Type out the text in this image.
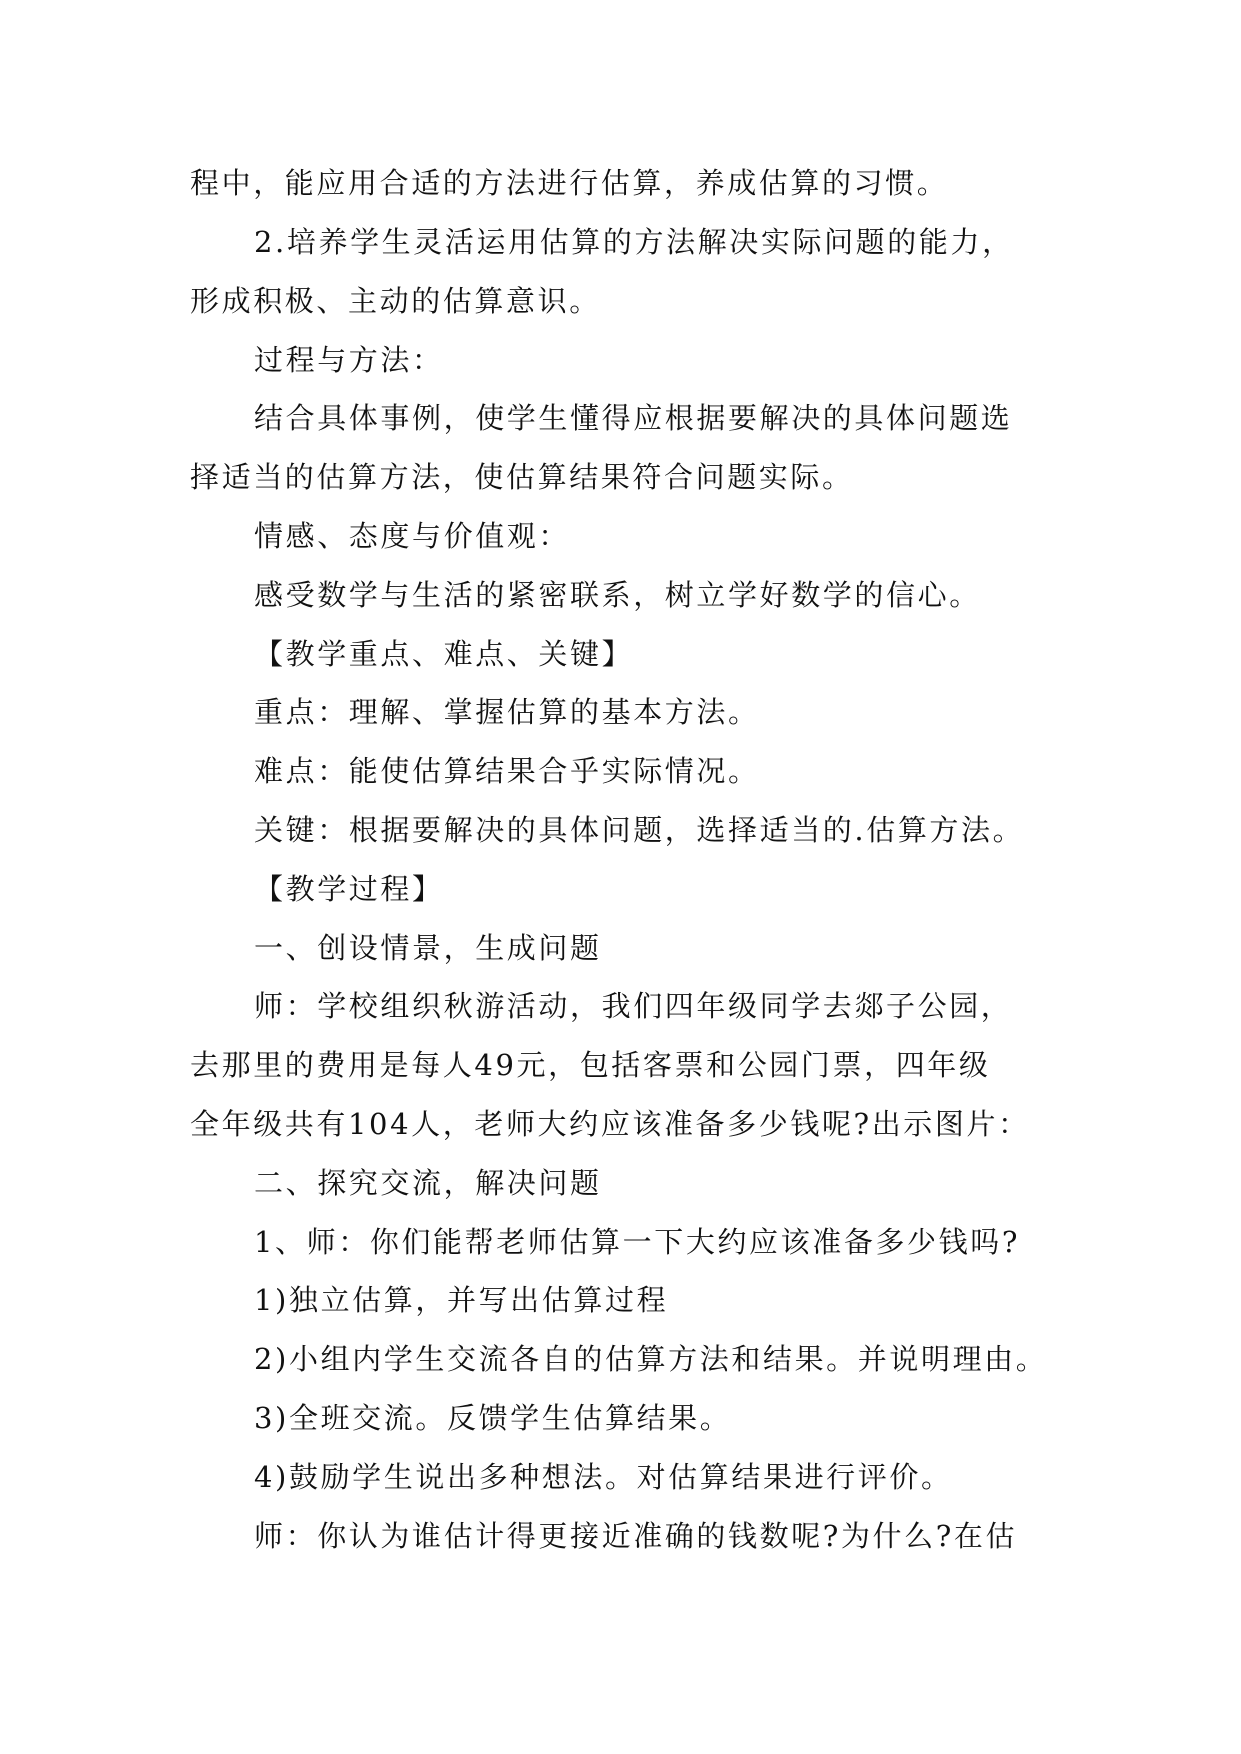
程中，能应用合适的方法进行估算，养成估算的习惯。
2.培养学生灵活运用估算的方法解决实际问题的能力，
形成积极、主动的估算意识。
过程与方法：
结合具体事例，使学生懂得应根据要解决的具体问题选
择适当的估算方法，使估算结果符合问题实际。
情感、态度与价值观：
感受数学与生活的紧密联系，树立学好数学的信心。
【教学重点、难点、关键】
重点：理解、掌握估算的基本方法。
难点：能使估算结果合乎实际情况。
关键：根据要解决的具体问题，选择适当的.估算方法。
【教学过程】
一、创设情景，生成问题
师：学校组织秋游活动，我们四年级同学去郯子公园，
去那里的费用是每人49元，包括客票和公园门票，四年级
全年级共有104人，老师大约应该准备多少钱呢?出示图片：
二、探究交流，解决问题
1、师：你们能帮老师估算一下大约应该准备多少钱吗?
1)独立估算，并写出估算过程
2)小组内学生交流各自的估算方法和结果。并说明理由。
3)全班交流。反馈学生估算结果。
4)鼓励学生说出多种想法。对估算结果进行评价。
师：你认为谁估计得更接近准确的钱数呢?为什么?在估
